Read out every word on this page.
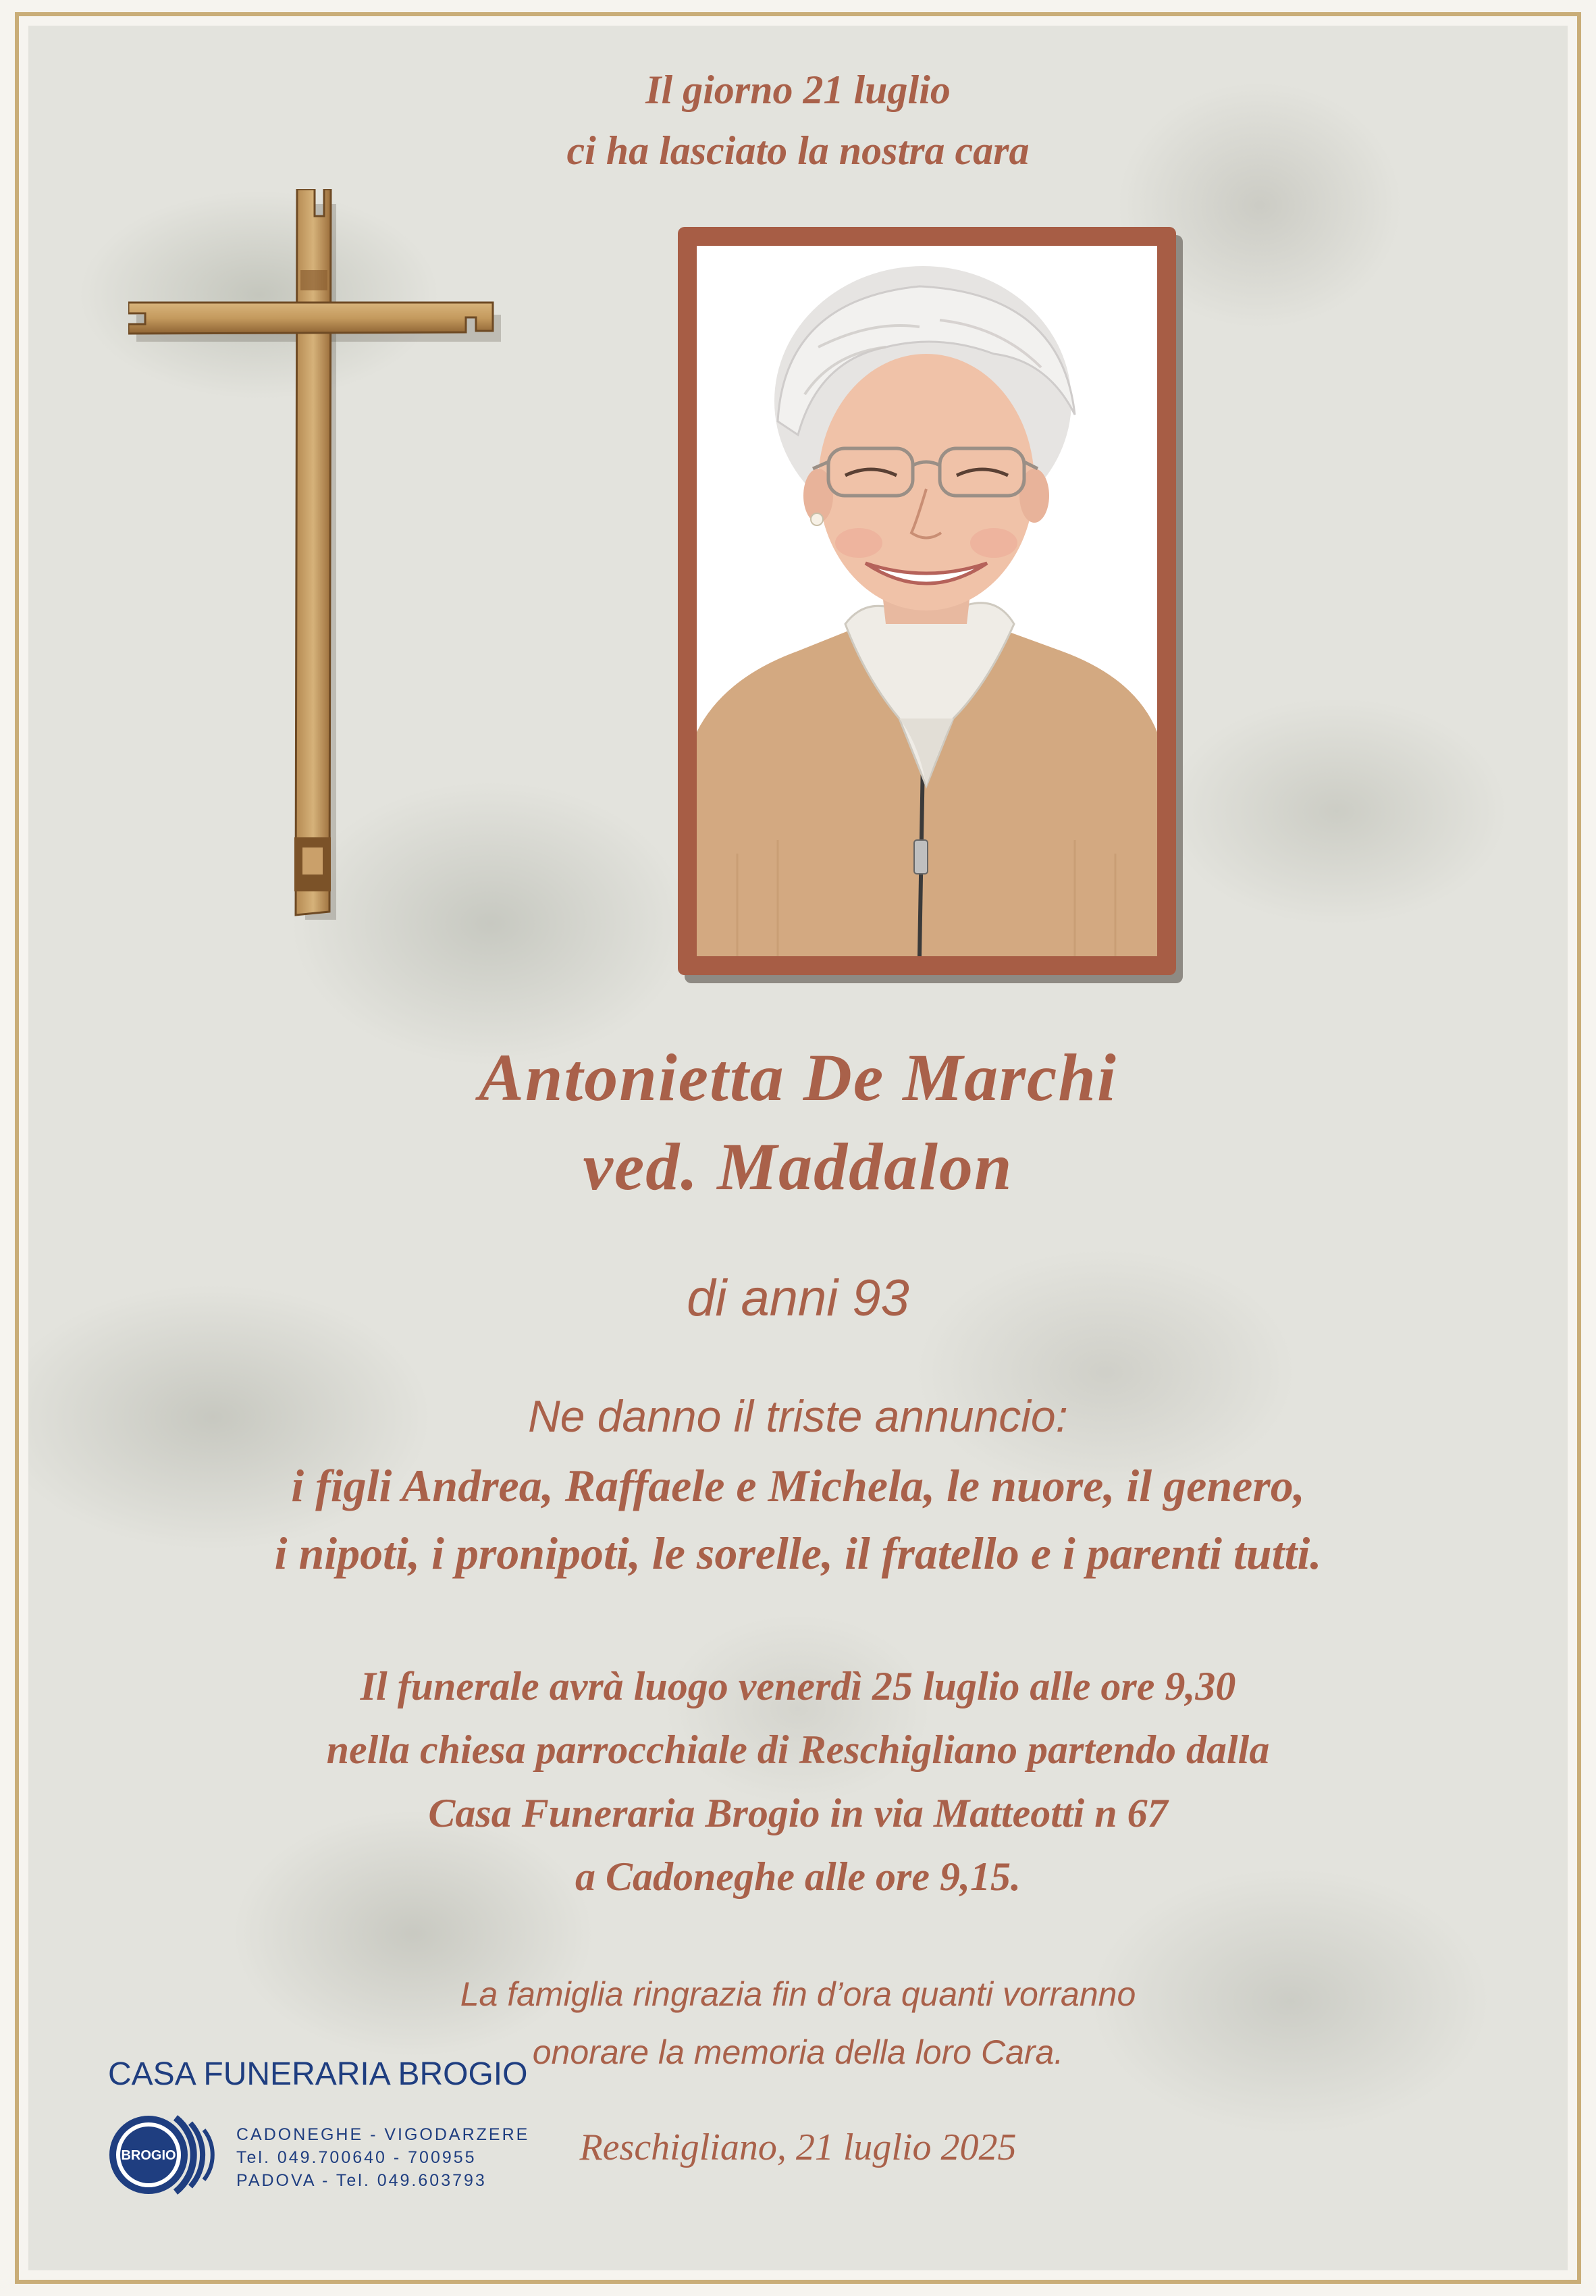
Il giorno 21 luglio
ci ha lasciato la nostra cara

Antonietta De Marchi
ved. Maddalon

di anni 93

Ne danno il triste annuncio:

i figli Andrea, Raffaele e Michela, le nuore, il genero,
i nipoti, i pronipoti, le sorelle, il fratello e i parenti tutti.

Il funerale avrà luogo venerdì 25 luglio alle ore 9,30
nella chiesa parrocchiale di Reschigliano partendo dalla
Casa Funeraria Brogio in via Matteotti n 67
a Cadoneghe alle ore 9,15.

La famiglia ringrazia fin d’ora quanti vorranno
onorare la memoria della loro Cara.

Reschigliano, 21 luglio 2025

CASA FUNERARIA BROGIO

BROGIO

CADONEGHE - VIGODARZERE
Tel. 049.700640 - 700955
PADOVA - Tel. 049.603793
